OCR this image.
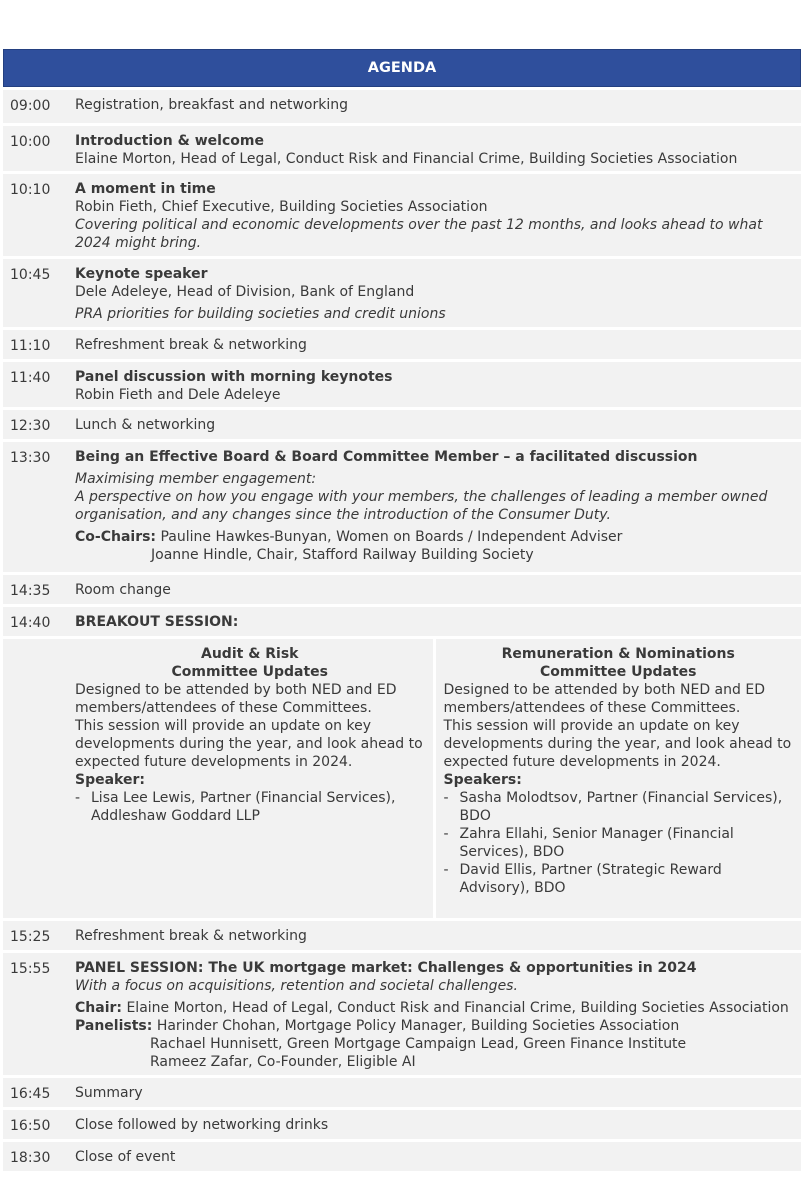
AGENDA
09:00	Registration, breakfast and networking
10:00	Introduction & welcome
Elaine Morton, Head of Legal, Conduct Risk and Financial Crime, Building Societies Association
10:10	A moment in time
Robin Fieth, Chief Executive, Building Societies Association
Covering political and economic developments over the past 12 months, and looks ahead to what 2024 might bring.
10:45	Keynote speaker
Dele Adeleye, Head of Division, Bank of England
PRA priorities for building societies and credit unions
11:10	Refreshment break & networking
11:40	Panel discussion with morning keynotes
Robin Fieth and Dele Adeleye
12:30	Lunch & networking
13:30	Being an Effective Board & Board Committee Member – a facilitated discussion
Maximising member engagement:
A perspective on how you engage with your members, the challenges of leading a member owned organisation, and any changes since the introduction of the Consumer Duty.
Co-Chairs: Pauline Hawkes-Bunyan, Women on Boards / Independent Adviser
Joanne Hindle, Chair, Stafford Railway Building Society
14:35	Room change
14:40	BREAKOUT SESSION:
Audit & Risk
Committee Updates

Designed to be attended by both NED and ED members/attendees of these Committees.

This session will provide an update on key developments during the year, and look ahead to expected future developments in 2024.

Speaker:

- Lisa Lee Lewis, Partner (Financial Services), Addleshaw Goddard LLP
Remuneration & Nominations
Committee Updates

Designed to be attended by both NED and ED members/attendees of these Committees.

This session will provide an update on key developments during the year, and look ahead to expected future developments in 2024.

Speakers:

- Sasha Molodtsov, Partner (Financial Services), BDO
- Zahra Ellahi, Senior Manager (Financial Services), BDO
- David Ellis, Partner (Strategic Reward Advisory), BDO
15:25	Refreshment break & networking
15:55	PANEL SESSION: The UK mortgage market: Challenges & opportunities in 2024
With a focus on acquisitions, retention and societal challenges.
Chair: Elaine Morton, Head of Legal, Conduct Risk and Financial Crime, Building Societies Association
Panelists: Harinder Chohan, Mortgage Policy Manager, Building Societies Association
Rachael Hunnisett, Green Mortgage Campaign Lead, Green Finance Institute
Rameez Zafar, Co-Founder, Eligible AI
16:45	Summary
16:50	Close followed by networking drinks
18:30	Close of event
